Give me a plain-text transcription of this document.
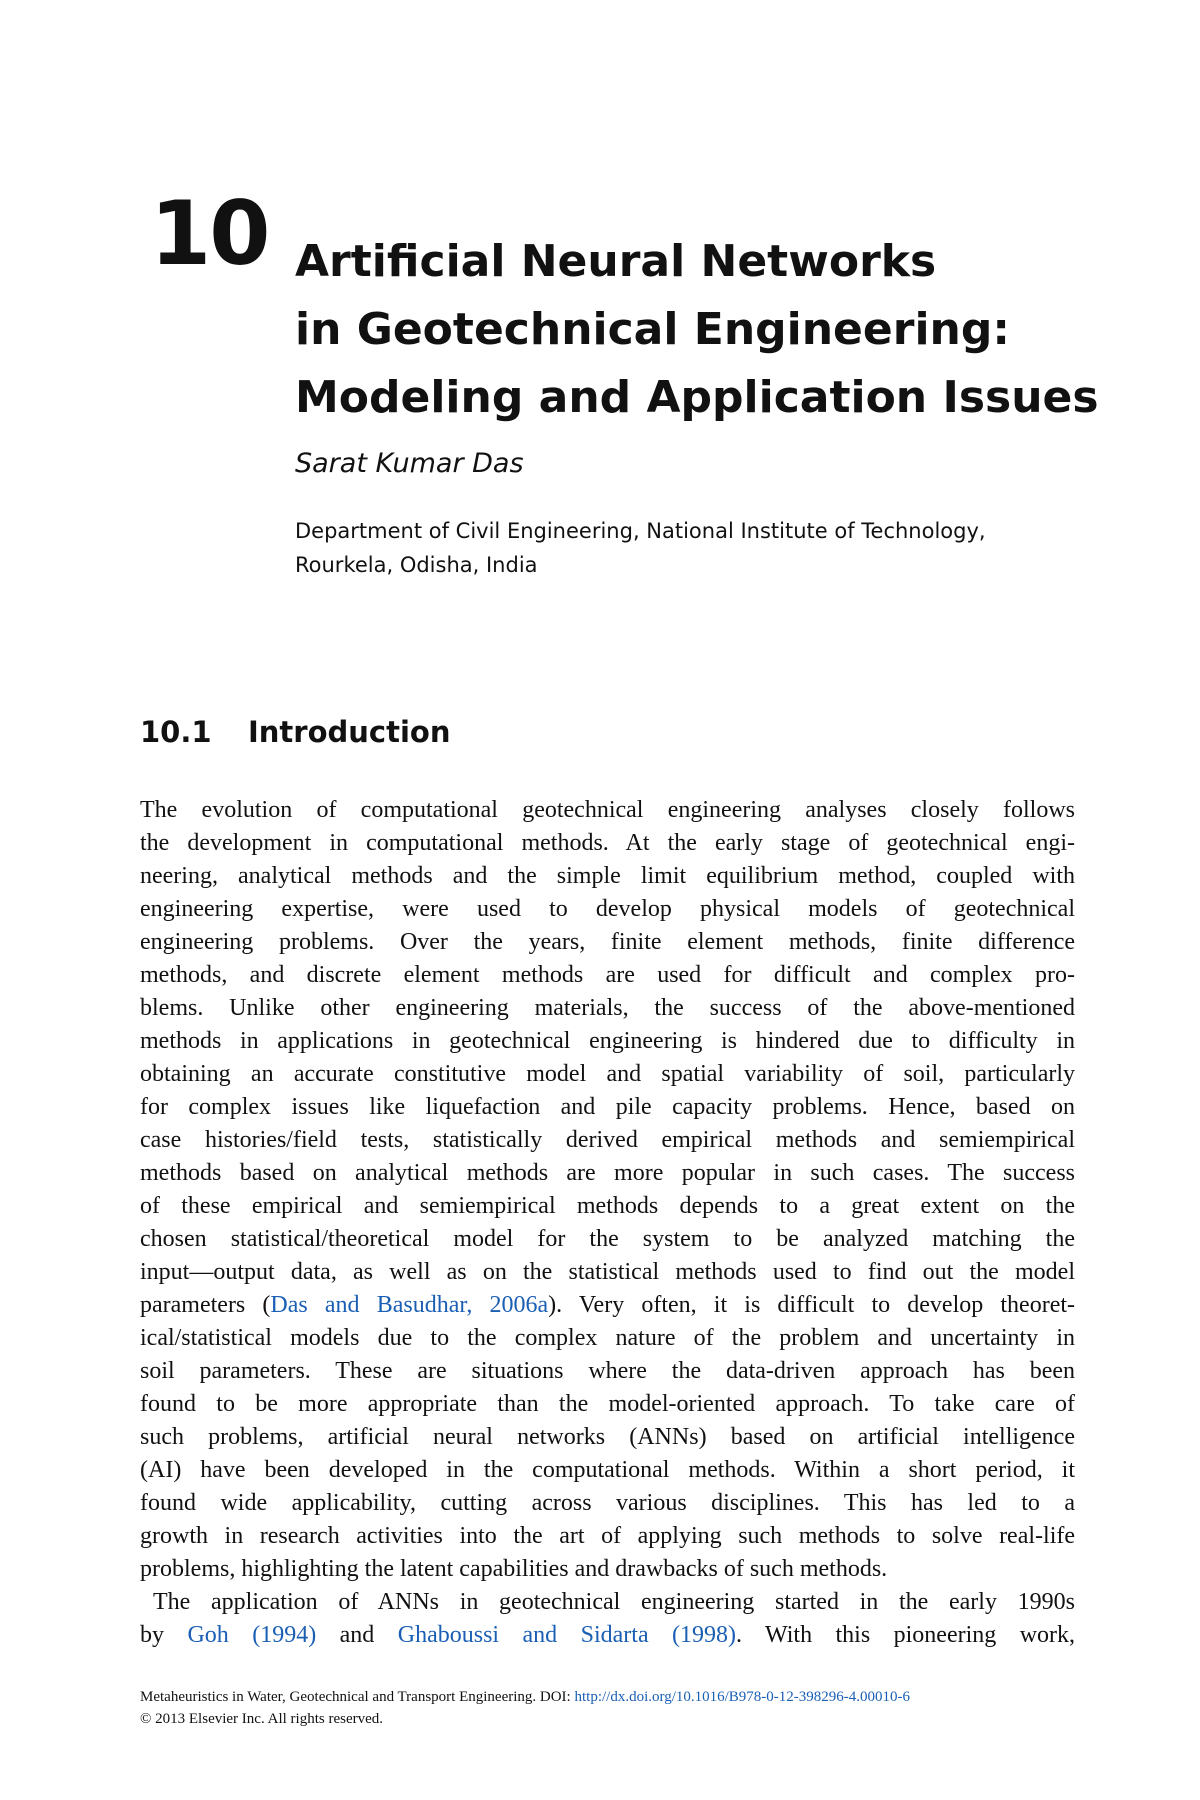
10 Artificial Neural Networks
in Geotechnical Engineering:
Modeling and Application Issues

Sarat Kumar Das

Department of Civil Engineering, National Institute of Technology,
Rourkela, Odisha, India

10.1 Introduction
The evolution of computational geotechnical engineering analyses closely follows
the development in computational methods. At the early stage of geotechnical engi-
neering, analytical methods and the simple limit equilibrium method, coupled with
engineering expertise, were used to develop physical models of geotechnical
engineering problems. Over the years, finite element methods, finite difference
methods, and discrete element methods are used for difficult and complex pro-
blems. Unlike other engineering materials, the success of the above-mentioned
methods in applications in geotechnical engineering is hindered due to difficulty in
obtaining an accurate constitutive model and spatial variability of soil, particularly
for complex issues like liquefaction and pile capacity problems. Hence, based on
case histories/field tests, statistically derived empirical methods and semiempirical
methods based on analytical methods are more popular in such cases. The success
of these empirical and semiempirical methods depends to a great extent on the
chosen statistical/theoretical model for the system to be analyzed matching the
input—output data, as well as on the statistical methods used to find out the model
parameters (Das and Basudhar, 2006a). Very often, it is difficult to develop theoret-
ical/statistical models due to the complex nature of the problem and uncertainty in
soil parameters. These are situations where the data-driven approach has been
found to be more appropriate than the model-oriented approach. To take care of
such problems, artificial neural networks (ANNs) based on artificial intelligence
(AI) have been developed in the computational methods. Within a short period, it
found wide applicability, cutting across various disciplines. This has led to a
growth in research activities into the art of applying such methods to solve real-life
problems, highlighting the latent capabilities and drawbacks of such methods.
The application of ANNs in geotechnical engineering started in the early 1990s
by Goh (1994) and Ghaboussi and Sidarta (1998). With this pioneering work,
Metaheuristics in Water, Geotechnical and Transport Engineering. DOI: http://dx.doi.org/10.1016/B978-0-12-398296-4.00010-6
© 2013 Elsevier Inc. All rights reserved.
